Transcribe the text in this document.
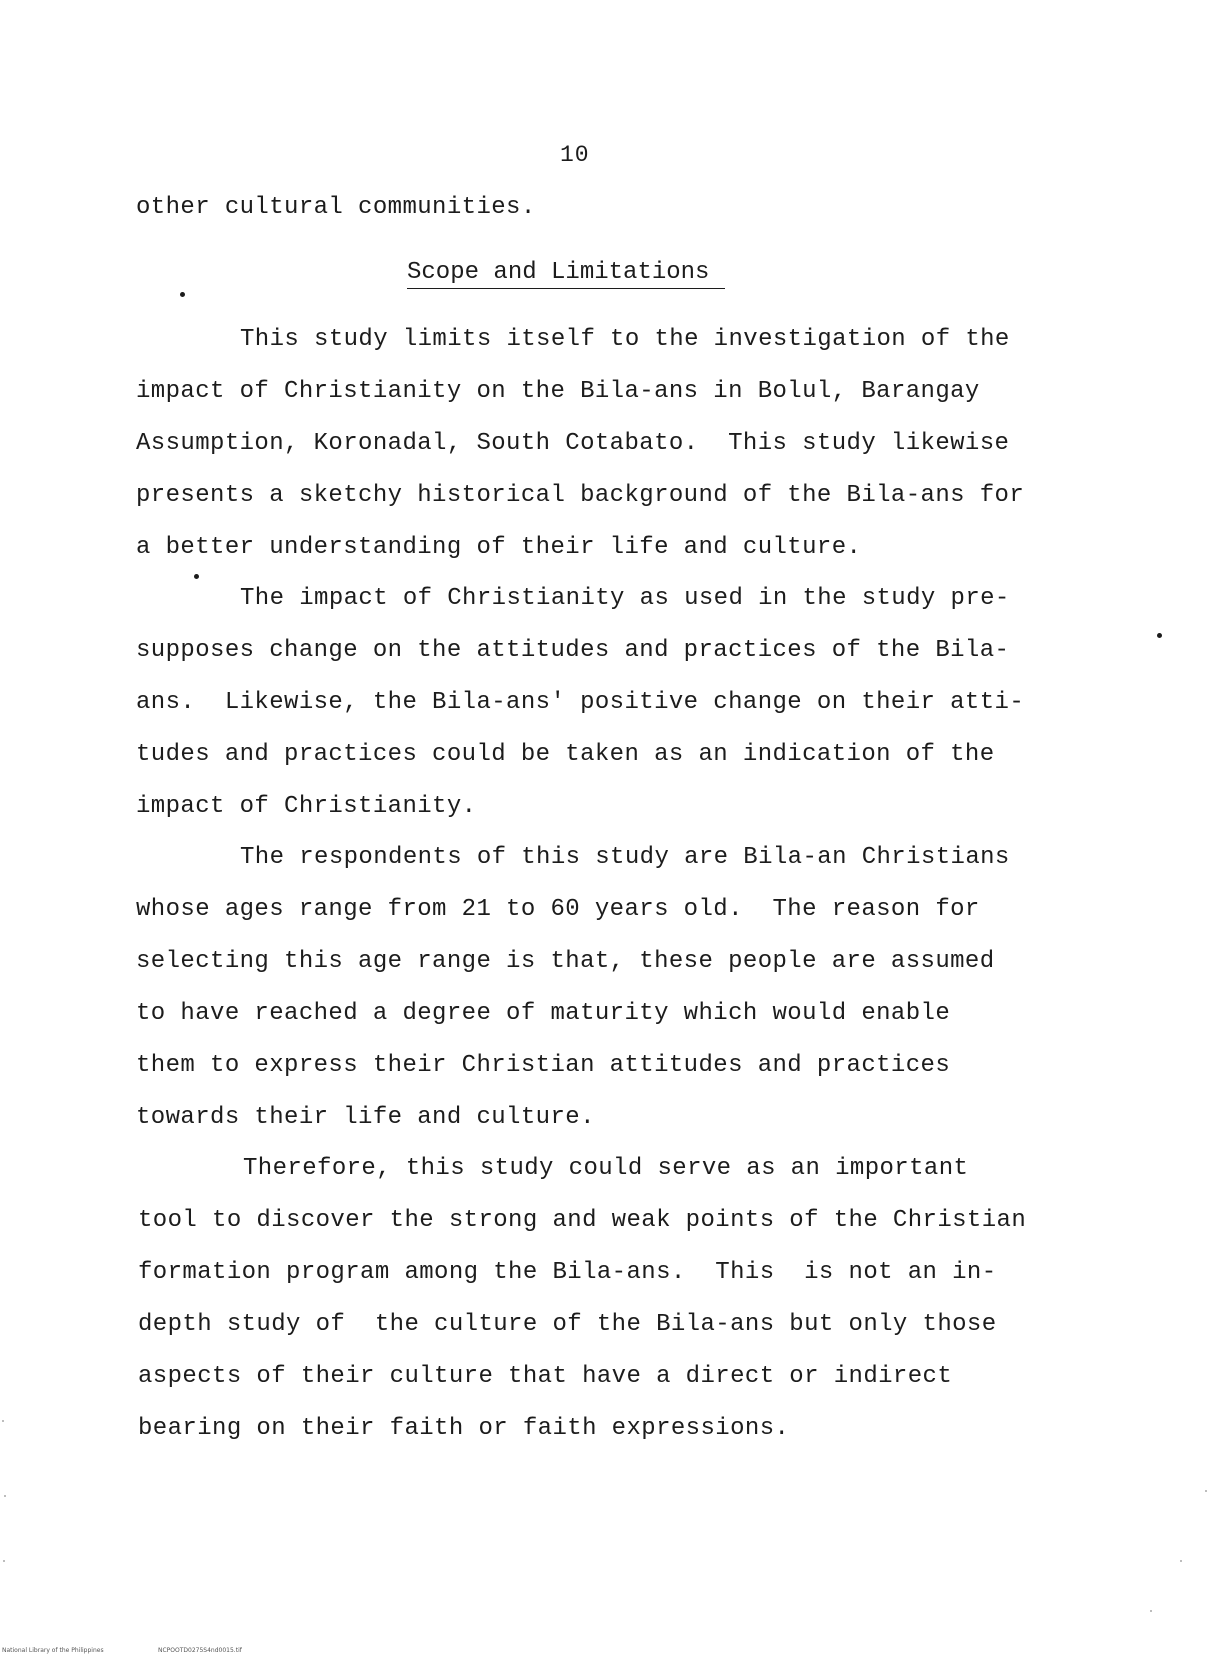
10
other cultural communities.
Scope and Limitations
This study limits itself to the investigation of the
impact of Christianity on the Bila-ans in Bolul, Barangay
Assumption, Koronadal, South Cotabato.  This study likewise
presents a sketchy historical background of the Bila-ans for
a better understanding of their life and culture.
The impact of Christianity as used in the study pre-
supposes change on the attitudes and practices of the Bila-
ans.  Likewise, the Bila-ans' positive change on their atti-
tudes and practices could be taken as an indication of the
impact of Christianity.
The respondents of this study are Bila-an Christians
whose ages range from 21 to 60 years old.  The reason for
selecting this age range is that, these people are assumed
to have reached a degree of maturity which would enable
them to express their Christian attitudes and practices
towards their life and culture.
Therefore, this study could serve as an important
tool to discover the strong and weak points of the Christian
formation program among the Bila-ans.  This  is not an in-
depth study of  the culture of the Bila-ans but only those
aspects of their culture that have a direct or indirect
bearing on their faith or faith expressions.
National Library of the Philippines	NCPOOTD0275S4nd0015.tif
